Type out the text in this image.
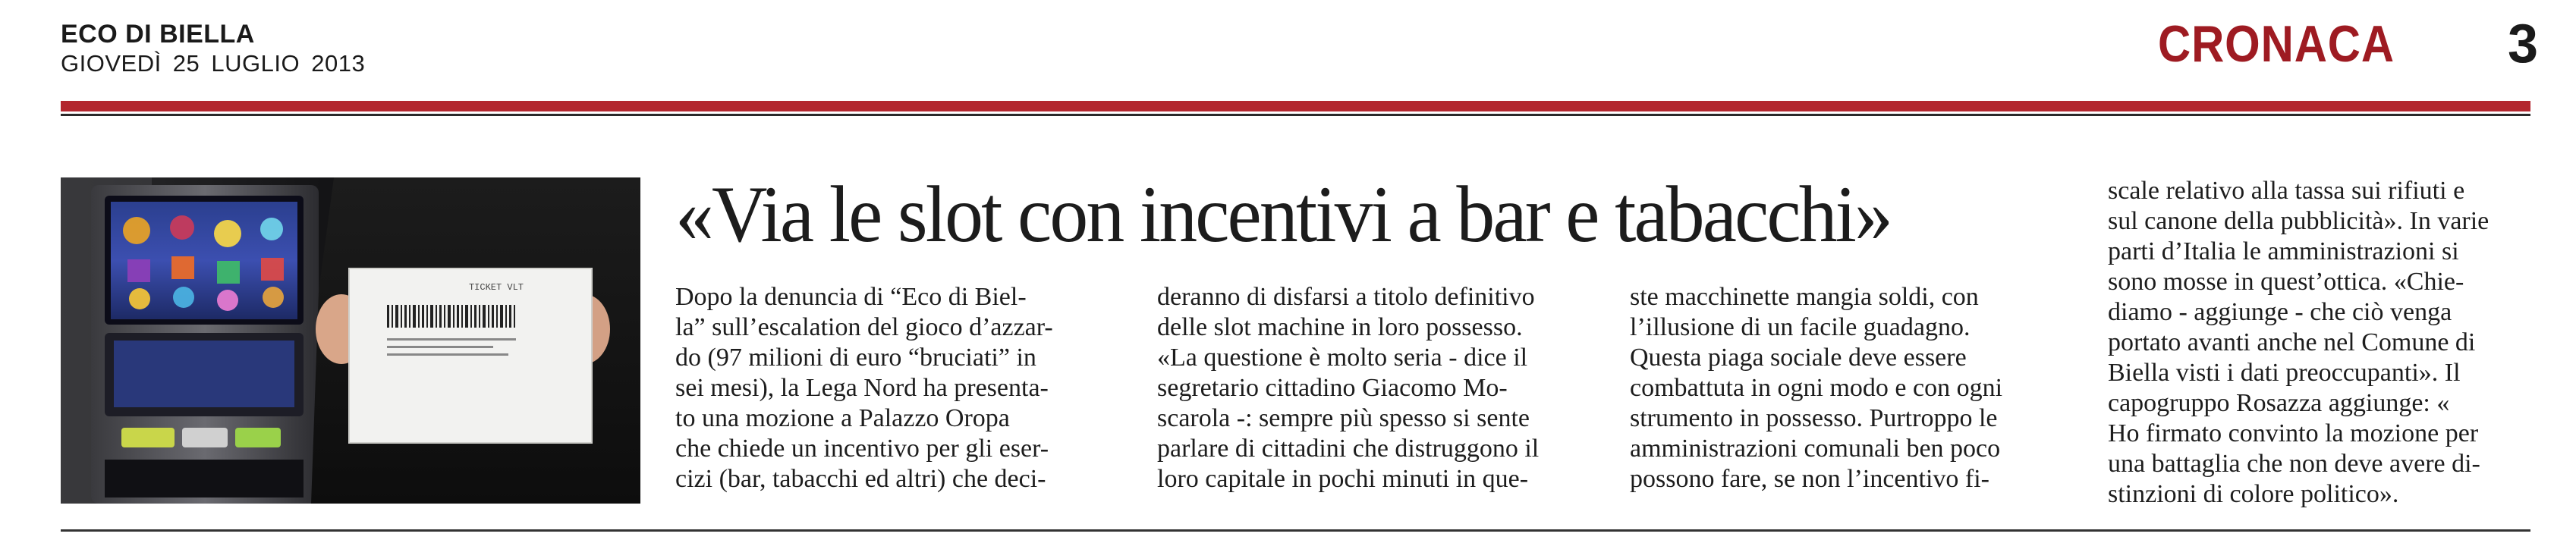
ECO DI BIELLA
GIOVEDÌ 25 LUGLIO 2013	CRONACA	3
TICKET VLT
«Via le slot con incentivi a bar e tabacchi»
Dopo la denuncia di “Eco di Biel-
la” sull’escalation del gioco d’azzar-
do (97 milioni di euro “bruciati” in
sei mesi), la Lega Nord ha presenta-
to una mozione a Palazzo Oropa
che chiede un incentivo per gli eser-
cizi (bar, tabacchi ed altri) che deci-
deranno di disfarsi a titolo definitivo
delle slot machine in loro possesso.
«La questione è molto seria - dice il
segretario cittadino Giacomo Mo-
scarola -: sempre più spesso si sente
parlare di cittadini che distruggono il
loro capitale in pochi minuti in que-
ste macchinette mangia soldi, con
l’illusione di un facile guadagno.
Questa piaga sociale deve essere
combattuta in ogni modo e con ogni
strumento in possesso. Purtroppo le
amministrazioni comunali ben poco
possono fare, se non l’incentivo fi-
scale relativo alla tassa sui rifiuti e
sul canone della pubblicità». In varie
parti d’Italia le amministrazioni si
sono mosse in quest’ottica. «Chie-
diamo - aggiunge - che ciò venga
portato avanti anche nel Comune di
Biella visti i dati preoccupanti». Il
capogruppo Rosazza aggiunge: «
Ho firmato convinto la mozione per
una battaglia che non deve avere di-
stinzioni di colore politico».
